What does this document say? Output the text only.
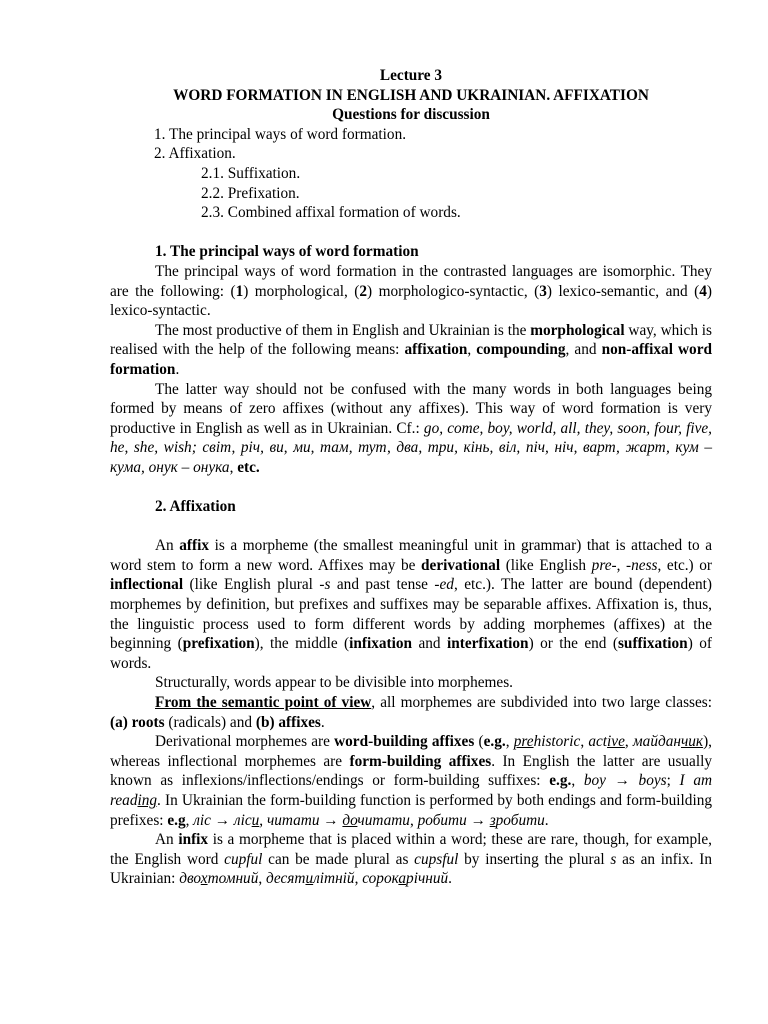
Lecture 3
WORD FORMATION IN ENGLISH AND UKRAINIAN. AFFIXATION
Questions for discussion
1. The principal ways of word formation.
2. Affixation.
2.1. Suffixation.
2.2. Prefixation.
2.3. Combined affixal formation of words.
1. The principal ways of word formation

The principal ways of word formation in the contrasted languages are isomorphic. They are the following: (1) morphological, (2) morphologico-syntactic, (3) lexico-semantic, and (4) lexico-syntactic.

The most productive of them in English and Ukrainian is the morphological way, which is realised with the help of the following means: affixation, compounding, and non-affixal word formation.

The latter way should not be confused with the many words in both languages being formed by means of zero affixes (without any affixes). This way of word formation is very productive in English as well as in Ukrainian. Cf.: go, come, boy, world, all, they, soon, four, five, he, she, wish; світ, річ, ви, ми, там, тут, два, три, кінь, віл, піч, ніч, варт, жарт, кум – кума, онук – онука, etc.

2. Affixation

An affix is a morpheme (the smallest meaningful unit in grammar) that is attached to a word stem to form a new word. Affixes may be derivational (like English pre-, -ness, etc.) or inflectional (like English plural -s and past tense -ed, etc.). The latter are bound (dependent) morphemes by definition, but prefixes and suffixes may be separable affixes. Affixation is, thus, the linguistic process used to form different words by adding morphemes (affixes) at the beginning (prefixation), the middle (infixation and interfixation) or the end (suffixation) of words.

Structurally, words appear to be divisible into morphemes.

From the semantic point of view, all morphemes are subdivided into two large classes: (a) roots (radicals) and (b) affixes.

Derivational morphemes are word-building affixes (e.g., prehistoric, active, майданчик), whereas inflectional morphemes are form-building affixes. In English the latter are usually known as inflexions/inflections/endings or form-building suffixes: e.g., boy → boys; I am reading. In Ukrainian the form-building function is performed by both endings and form-building prefixes: e.g, ліс → ліси, читати → дочитати, робити → зробити.

An infix is a morpheme that is placed within a word; these are rare, though, for example, the English word cupful can be made plural as cupsful by inserting the plural s as an infix. In Ukrainian: двохтомний, десятилітній, сорокарічний.
